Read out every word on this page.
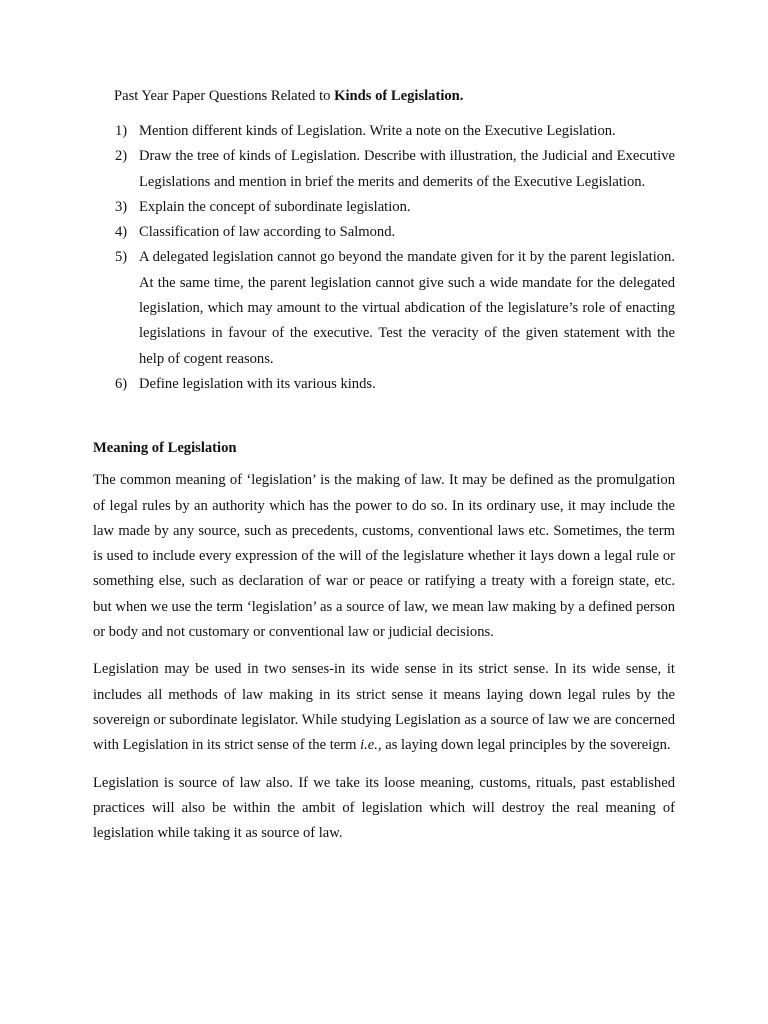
Past Year Paper Questions Related to Kinds of Legislation.

1) Mention different kinds of Legislation. Write a note on the Executive Legislation.
2) Draw the tree of kinds of Legislation. Describe with illustration, the Judicial and Executive Legislations and mention in brief the merits and demerits of the Executive Legislation.
3) Explain the concept of subordinate legislation.
4) Classification of law according to Salmond.
5) A delegated legislation cannot go beyond the mandate given for it by the parent legislation. At the same time, the parent legislation cannot give such a wide mandate for the delegated legislation, which may amount to the virtual abdication of the legislature’s role of enacting legislations in favour of the executive. Test the veracity of the given statement with the help of cogent reasons.
6) Define legislation with its various kinds.
Meaning of Legislation

The common meaning of ‘legislation’ is the making of law. It may be defined as the promulgation of legal rules by an authority which has the power to do so. In its ordinary use, it may include the law made by any source, such as precedents, customs, conventional laws etc. Sometimes, the term is used to include every expression of the will of the legislature whether it lays down a legal rule or something else, such as declaration of war or peace or ratifying a treaty with a foreign state, etc. but when we use the term ‘legislation’ as a source of law, we mean law making by a defined person or body and not customary or conventional law or judicial decisions.

Legislation may be used in two senses-in its wide sense in its strict sense. In its wide sense, it includes all methods of law making in its strict sense it means laying down legal rules by the sovereign or subordinate legislator. While studying Legislation as a source of law we are concerned with Legislation in its strict sense of the term i.e., as laying down legal principles by the sovereign.

Legislation is source of law also. If we take its loose meaning, customs, rituals, past established practices will also be within the ambit of legislation which will destroy the real meaning of legislation while taking it as source of law.
